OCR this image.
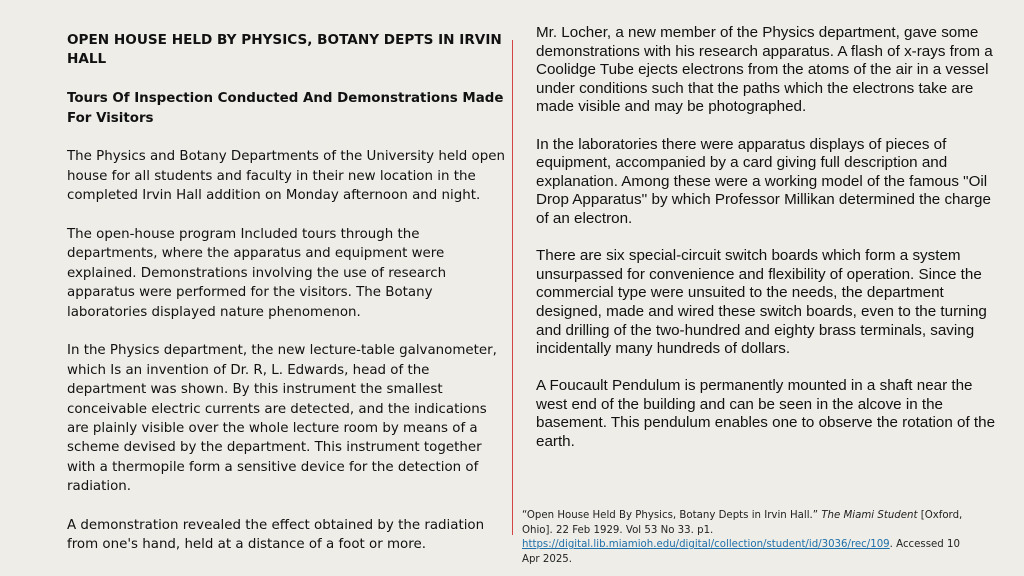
OPEN HOUSE HELD BY PHYSICS, BOTANY DEPTS IN IRVIN HALL
Tours Of Inspection Conducted And Demonstrations Made For Visitors

The Physics and Botany Departments of the University held open house for all students and faculty in their new location in the completed Irvin Hall addition on Monday afternoon and night.

The open-house program Included tours through the departments, where the apparatus and equipment were explained. Demonstrations involving the use of research apparatus were performed for the visitors. The Botany laboratories displayed nature phenomenon.

In the Physics department, the new lecture-table galvanometer, which Is an invention of Dr. R, L. Edwards, head of the department was shown. By this instrument the smallest conceivable electric currents are detected, and the indications are plainly visible over the whole lecture room by means of a scheme devised by the department. This instrument together with a thermopile form a sensitive device for the detection of radiation.

A demonstration revealed the effect obtained by the radiation from one's hand, held at a distance of a foot or more.

Mr. Locher, a new member of the Physics department, gave some demonstrations with his research apparatus. A flash of x-rays from a Coolidge Tube ejects electrons from the atoms of the air in a vessel under conditions such that the paths which the electrons take are made visible and may be photographed.

In the laboratories there were apparatus displays of pieces of equipment, accompanied by a card giving full description and explanation. Among these were a working model of the famous "Oil Drop Apparatus'' by which Professor Millikan determined the charge of an electron.

There are six special-circuit switch boards which form a system unsurpassed for convenience and flexibility of operation. Since the commercial type were unsuited to the needs, the department designed, made and wired these switch boards, even to the turning and drilling of the two-hundred and eighty brass terminals, saving incidentally many hundreds of dollars.

A Foucault Pendulum is permanently mounted in a shaft near the west end of the building and can be seen in the alcove in the basement. This pendulum enables one to observe the rotation of the earth.

“Open House Held By Physics, Botany Depts in Irvin Hall.” The Miami Student [Oxford, Ohio]. 22 Feb 1929. Vol 53 No 33. p1. https://digital.lib.miamioh.edu/digital/collection/student/id/3036/rec/109. Accessed 10 Apr 2025.
